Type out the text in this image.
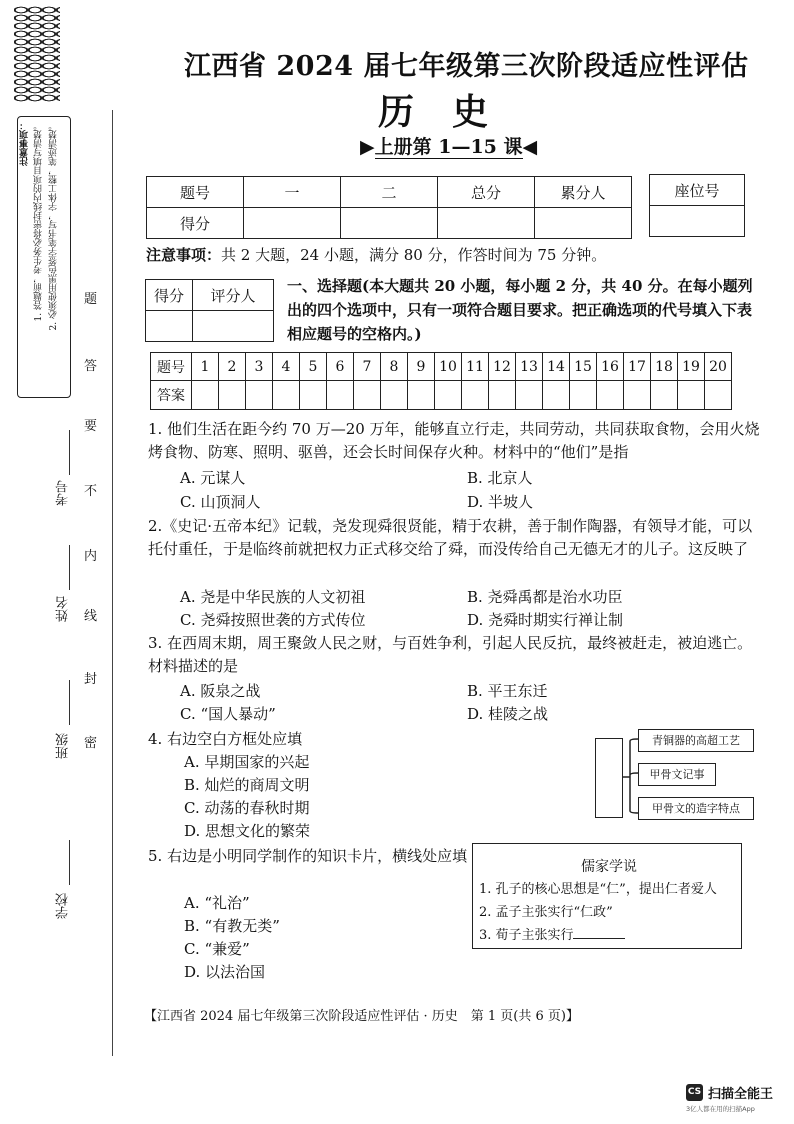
注意事项： 1. 答题前，考生务必将密封线内的项目填写清楚。 2. 必须使用黑色签字笔书写，字体工整，笔迹清楚。
学校
班级
姓名
考号
题
答
要
不
内
线
封
密
江西省 2024 届七年级第三次阶段适应性评估
历史
▶上册第 1—15 课◀
题号	一	二	总分	累分人
得分				
座位号

注意事项：共 2 大题，24 小题，满分 80 分，作答时间为 75 分钟。
得分	评分人

一、选择题(本大题共 20 小题，每小题 2 分，共 40 分。在每小题列出的四个选项中，只有一项符合题目要求。把正确选项的代号填入下表相应题号的空格内。)
题号	1	2	3	4	5	6	7	8	9	10	11	12	13	14	15	16	17	18	19	20
答案																				
1. 他们生活在距今约 70 万—20 万年，能够直立行走，共同劳动，共同获取食物，会用火烧烤食物、防寒、照明、驱兽，还会长时间保存火种。材料中的“他们”是指
A. 元谋人	B. 北京人
C. 山顶洞人	D. 半坡人
2.《史记·五帝本纪》记载，尧发现舜很贤能，精于农耕，善于制作陶器，有领导才能，可以托付重任，于是临终前就把权力正式移交给了舜，而没传给自己无德无才的儿子。这反映了
A. 尧是中华民族的人文初祖	B. 尧舜禹都是治水功臣
C. 尧舜按照世袭的方式传位	D. 尧舜时期实行禅让制
3. 在西周末期，周王聚敛人民之财，与百姓争利，引起人民反抗，最终被赶走，被迫逃亡。材料描述的是
A. 阪泉之战	B. 平王东迁
C. “国人暴动”	D. 桂陵之战
4. 右边空白方框处应填
A. 早期国家的兴起
B. 灿烂的商周文明
C. 动荡的春秋时期
D. 思想文化的繁荣
青铜器的高超工艺
甲骨文记事
甲骨文的造字特点
5. 右边是小明同学制作的知识卡片，横线处应填
A. “礼治”
B. “有教无类”
C. “兼爱”
D. 以法治国
儒家学说
1. 孔子的核心思想是“仁”，提出仁者爱人
2. 孟子主张实行“仁政”
3. 荀子主张实行
【江西省 2024 届七年级第三次阶段适应性评估 · 历史　第 1 页(共 6 页)】
CS 扫描全能王
3亿人都在用的扫描App
